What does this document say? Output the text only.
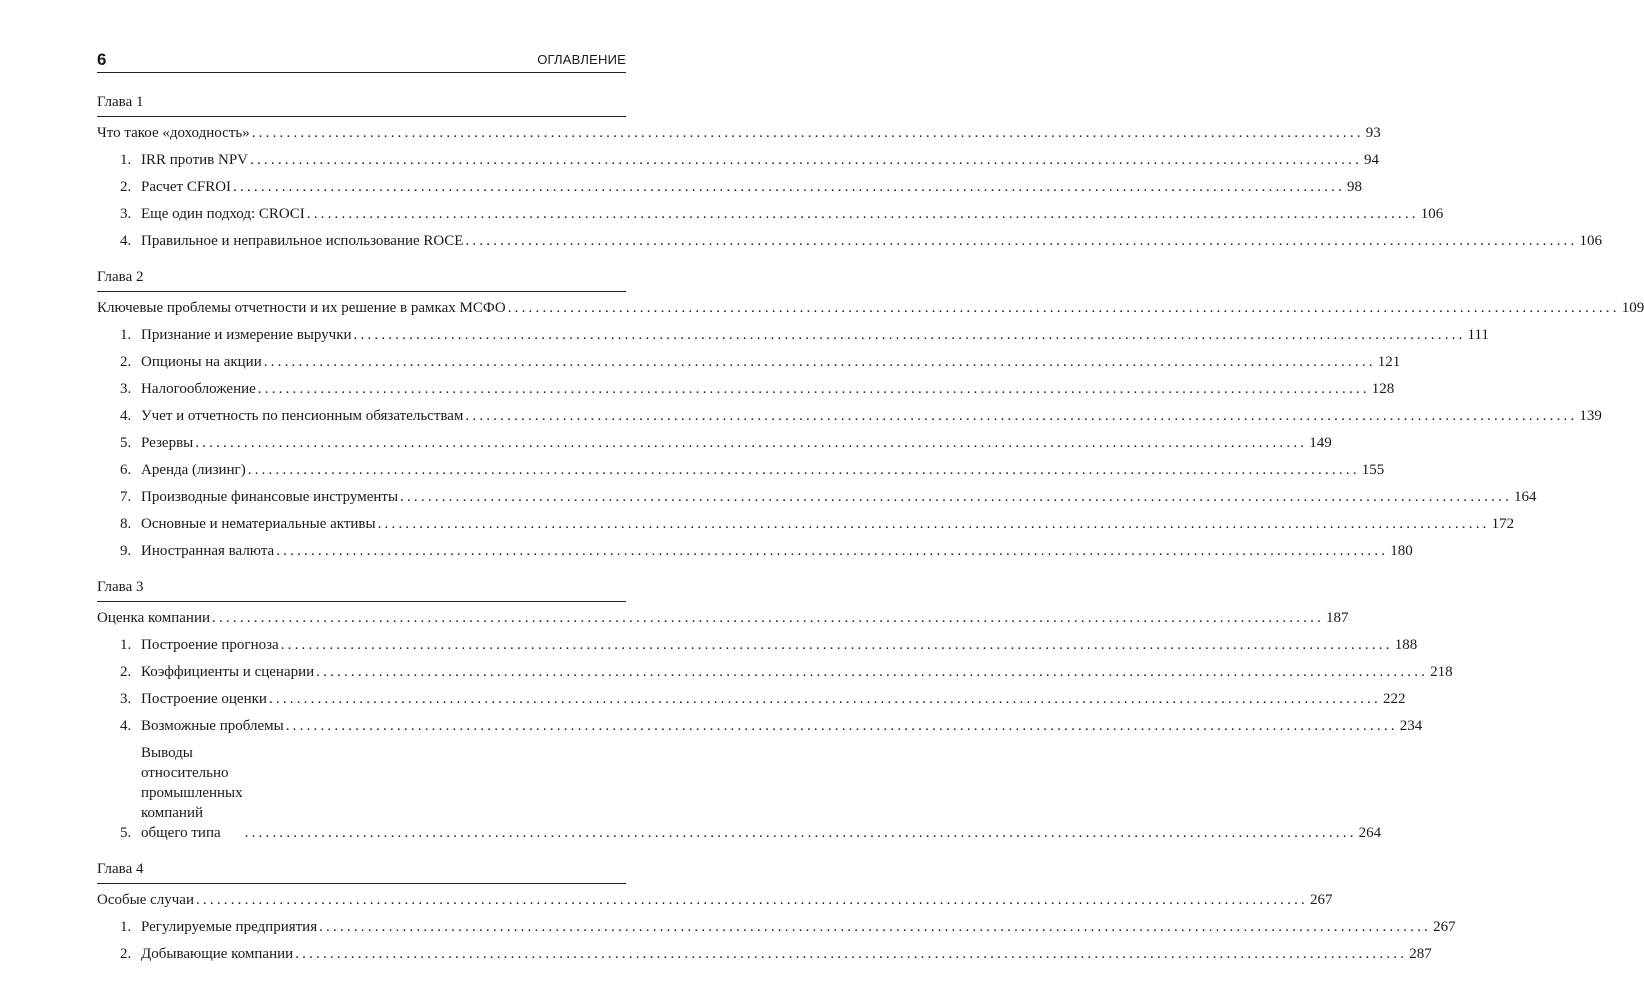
6	ОГЛАВЛЕНИЕ
Глава 1
Что такое «доходность» ................................................................................................................................................................ 93
1. IRR против NPV ................................................................................................................................................................ 94
2. Расчет CFROI ................................................................................................................................................................ 98
3. Еще один подход: CROCI ................................................................................................................................................................ 106
4. Правильное и неправильное использование ROCE ................................................................................................................................................................ 106
Глава 2
Ключевые проблемы отчетности и их решение в рамках МСФО ................................................................................................................................................................ 109
1. Признание и измерение выручки ................................................................................................................................................................ 111
2. Опционы на акции ................................................................................................................................................................ 121
3. Налогообложение ................................................................................................................................................................ 128
4. Учет и отчетность по пенсионным обязательствам ................................................................................................................................................................ 139
5. Резервы ................................................................................................................................................................ 149
6. Аренда (лизинг) ................................................................................................................................................................ 155
7. Производные финансовые инструменты ................................................................................................................................................................ 164
8. Основные и нематериальные активы ................................................................................................................................................................ 172
9. Иностранная валюта ................................................................................................................................................................ 180
Глава 3
Оценка компании ................................................................................................................................................................ 187
1. Построение прогноза ................................................................................................................................................................ 188
2. Коэффициенты и сценарии ................................................................................................................................................................ 218
3. Построение оценки ................................................................................................................................................................ 222
4. Возможные проблемы ................................................................................................................................................................ 234
5.
Выводы относительно промышленных компаний
общего типа	................................................................................................................................................................ 264
Глава 4
Особые случаи ................................................................................................................................................................ 267
1. Регулируемые предприятия ................................................................................................................................................................ 267
2. Добывающие компании ................................................................................................................................................................ 287
